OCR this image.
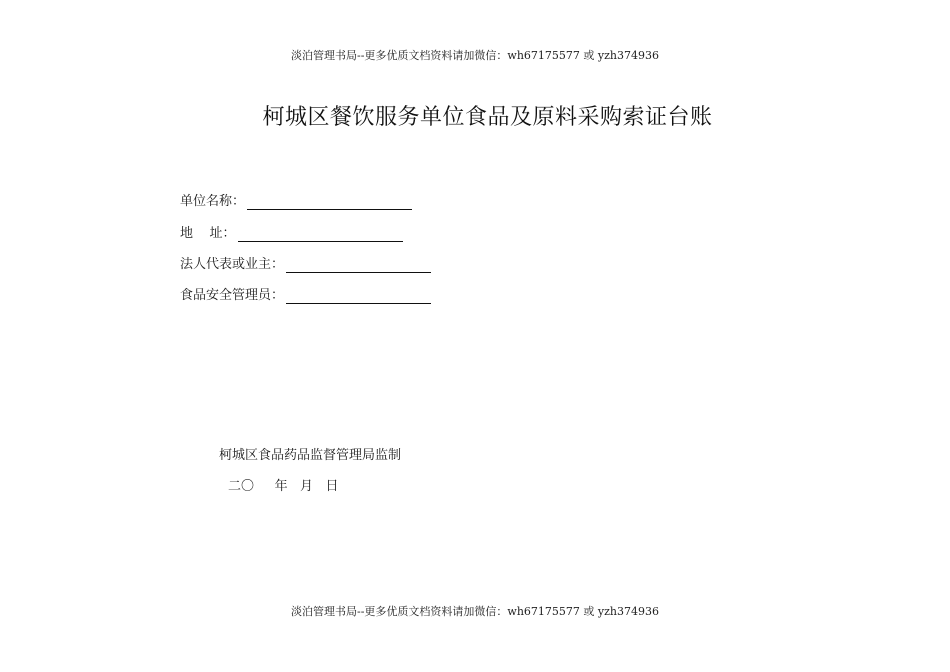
淡泊管理书局--更多优质文档资料请加微信：wh67175577 或 yzh374936
柯城区餐饮服务单位食品及原料采购索证台账
单位名称：
地    址：
法人代表或业主：
食品安全管理员：
柯城区食品药品监督管理局监制
二〇     年   月   日
淡泊管理书局--更多优质文档资料请加微信：wh67175577 或 yzh374936
